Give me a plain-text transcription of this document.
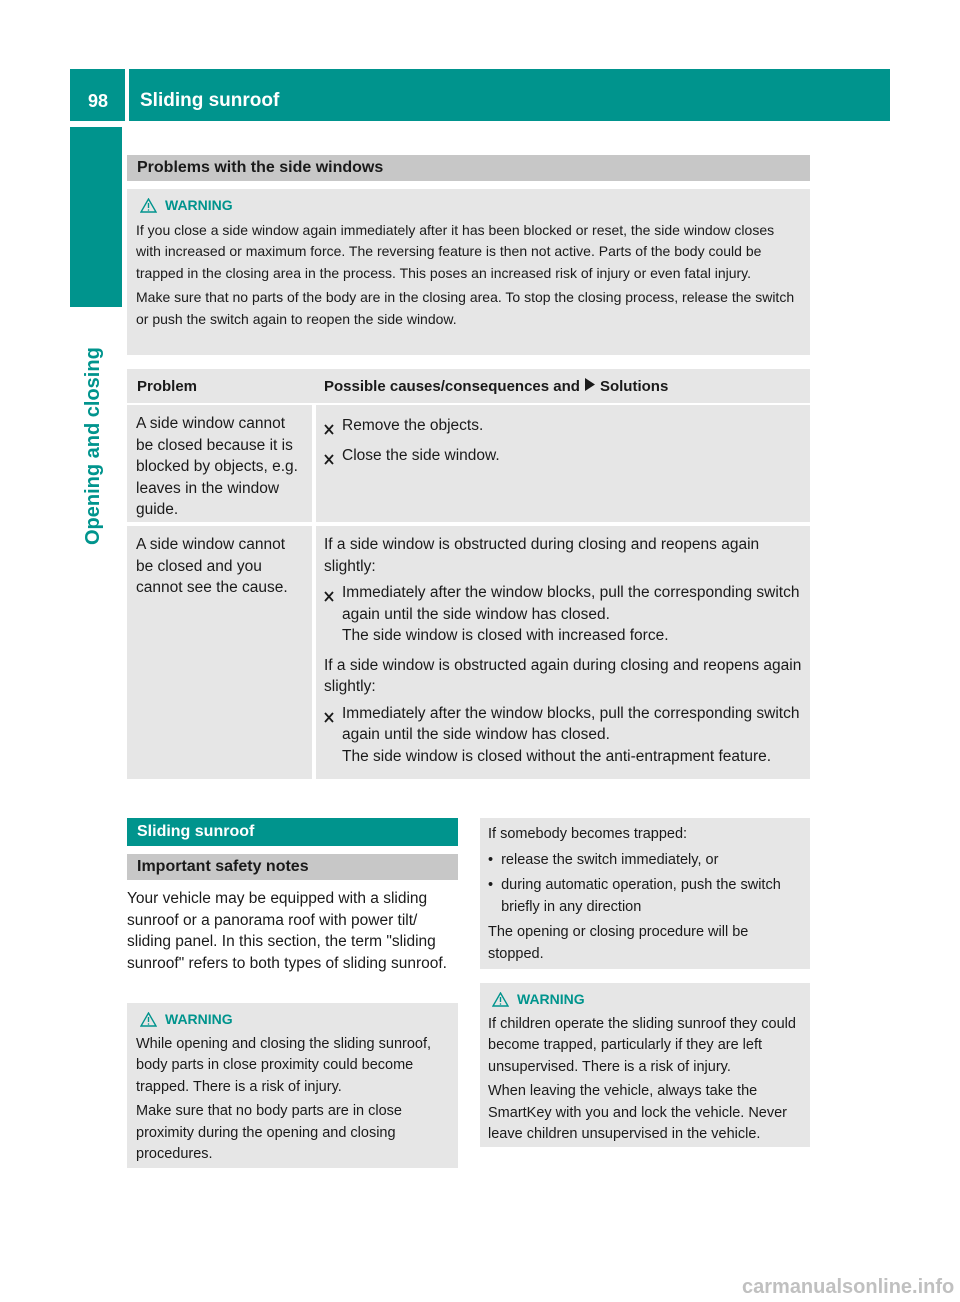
98 Sliding sunroof
Opening and closing
Problems with the side windows
WARNING

If you close a side window again immediately after it has been blocked or reset, the side window closes with increased or maximum force. The reversing feature is then not active. Parts of the body could be trapped in the closing area in the process. This poses an increased risk of injury or even fatal injury.

Make sure that no parts of the body are in the closing area. To stop the closing process, release the switch or push the switch again to reopen the side window.

Problem	Possible causes/consequences and Solutions

A side window cannot be closed because it is blocked by objects, e.g. leaves in the window guide.

Remove the objects.
Close the side window.

A side window cannot be closed and you cannot see the cause.

If a side window is obstructed during closing and reopens again slightly:

Immediately after the window blocks, pull the corresponding switch again until the side window has closed.

The side window is closed with increased force.

If a side window is obstructed again during closing and reopens again slightly:

Immediately after the window blocks, pull the corresponding switch again until the side window has closed.

The side window is closed without the anti-entrapment feature.

Sliding sunroof
Important safety notes

Your vehicle may be equipped with a sliding sunroof or a panorama roof with power tilt/ sliding panel. In this section, the term "sliding sunroof" refers to both types of sliding sunroof.

WARNING

While opening and closing the sliding sunroof, body parts in close proximity could become trapped. There is a risk of injury.

Make sure that no body parts are in close proximity during the opening and closing procedures.

If somebody becomes trapped:

• release the switch immediately, or
• during automatic operation, push the switch briefly in any direction

The opening or closing procedure will be stopped.

WARNING

If children operate the sliding sunroof they could become trapped, particularly if they are left unsupervised. There is a risk of injury.

When leaving the vehicle, always take the SmartKey with you and lock the vehicle. Never leave children unsupervised in the vehicle.

carmanualsonline.info
